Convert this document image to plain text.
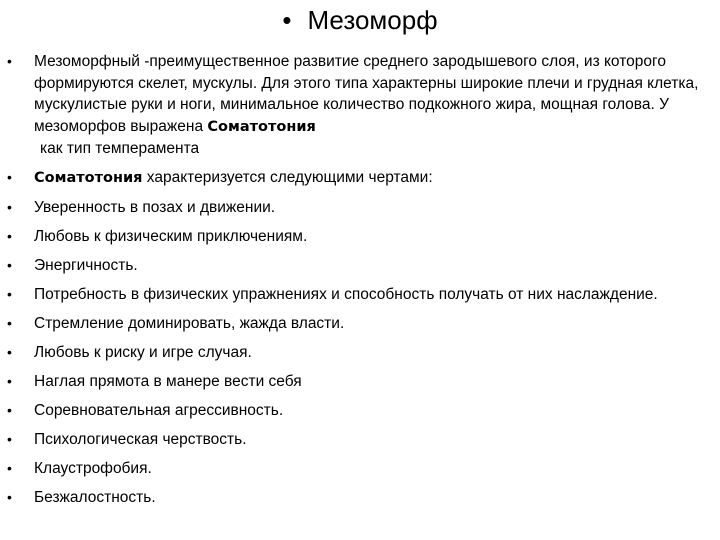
• Мезоморф
• Мезоморфный -преимущественное развитие среднего зародышевого слоя, из которого формируются скелет, мускулы. Для этого типа характерны широкие плечи и грудная клетка, мускулистые руки и ноги, минимальное количество подкожного жира, мощная голова. У мезоморфов выражена Соматотония
как тип темперамента
• Соматотония характеризуется следующими чертами:
• Уверенность в позах и движении.
• Любовь к физическим приключениям.
• Энергичность.
• Потребность в физических упражнениях и способность получать от них наслаждение.
• Стремление доминировать, жажда власти.
• Любовь к риску и игре случая.
• Наглая прямота в манере вести себя
• Соревновательная агрессивность.
• Психологическая черствость.
• Клаустрофобия.
• Безжалостность.
